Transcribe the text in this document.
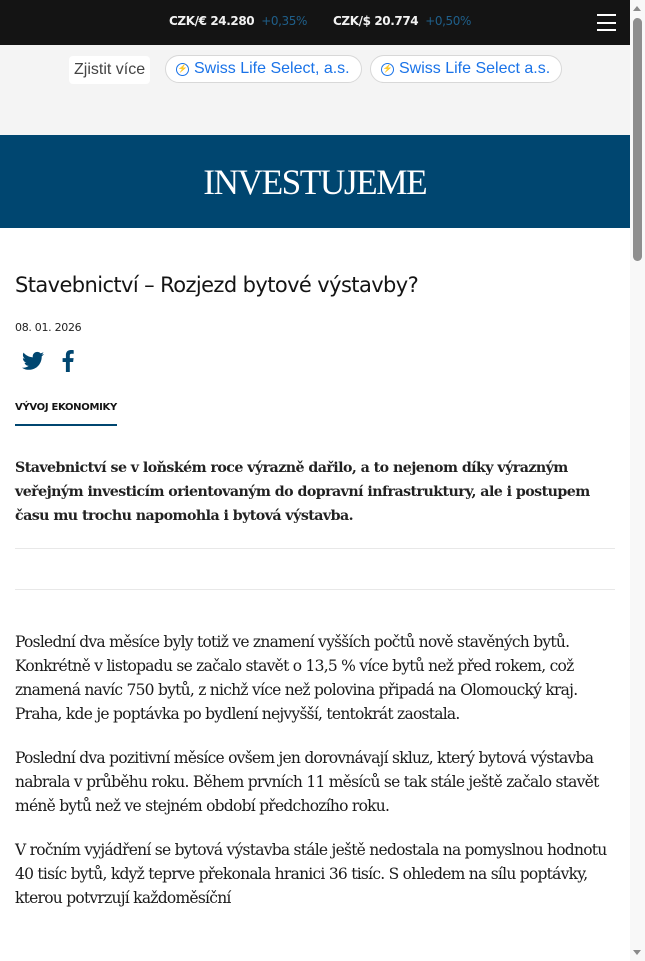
CZK/€ 24.280 +0,35% CZK/$ 20.774 +0,50%
Zjistit více	⚡ Swiss Life Select, a.s.	⚡ Swiss Life Select a.s.
INVESTUJEME
Stavebnictví – Rozjezd bytové výstavby?
08. 01. 2026
VÝVOJ EKONOMIKY

Stavebnictví se v loňském roce výrazně dařilo, a to nejenom díky výrazným veřejným investicím orientovaným do dopravní infrastruktury, ale i postupem času mu trochu napomohla i bytová výstavba.

Poslední dva měsíce byly totiž ve znamení vyšších počtů nově stavěných bytů. Konkrétně v listopadu se začalo stavět o 13,5 % více bytů než před rokem, což znamená navíc 750 bytů, z nichž více než polovina připadá na Olomoucký kraj. Praha, kde je poptávka po bydlení nejvyšší, tentokrát zaostala.

Poslední dva pozitivní měsíce ovšem jen dorovnávají skluz, který bytová výstavba nabrala v průběhu roku. Během prvních 11 měsíců se tak stále ještě začalo stavět méně bytů než ve stejném období předchozího roku.

V ročním vyjádření se bytová výstavba stále ještě nedostala na pomyslnou hodnotu 40 tisíc bytů, když teprve překonala hranici 36 tisíc. S ohledem na sílu poptávky, kterou potvrzují každoměsíční
